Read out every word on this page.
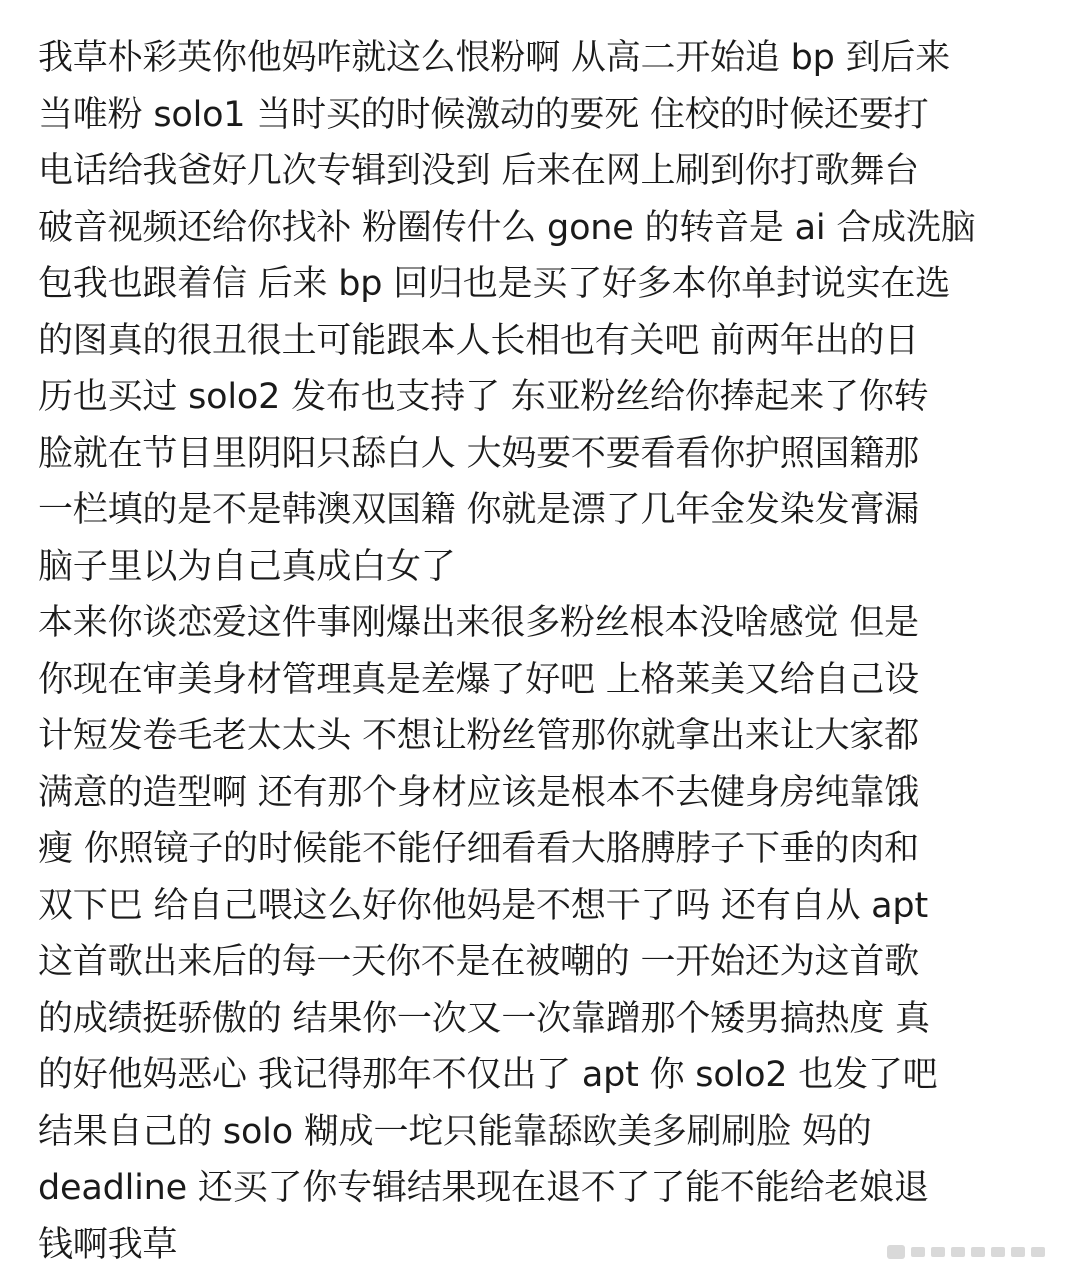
我草朴彩英你他妈咋就这么恨粉啊 从高二开始追 bp 到后来
当唯粉 solo1 当时买的时候激动的要死 住校的时候还要打
电话给我爸好几次专辑到没到 后来在网上刷到你打歌舞台
破音视频还给你找补 粉圈传什么 gone 的转音是 ai 合成洗脑
包我也跟着信 后来 bp 回归也是买了好多本你单封说实在选
的图真的很丑很土可能跟本人长相也有关吧 前两年出的日
历也买过 solo2 发布也支持了 东亚粉丝给你捧起来了你转
脸就在节目里阴阳只舔白人 大妈要不要看看你护照国籍那
一栏填的是不是韩澳双国籍 你就是漂了几年金发染发膏漏
脑子里以为自己真成白女了
本来你谈恋爱这件事刚爆出来很多粉丝根本没啥感觉 但是
你现在审美身材管理真是差爆了好吧 上格莱美又给自己设
计短发卷毛老太太头 不想让粉丝管那你就拿出来让大家都
满意的造型啊 还有那个身材应该是根本不去健身房纯靠饿
瘦 你照镜子的时候能不能仔细看看大胳膊脖子下垂的肉和
双下巴 给自己喂这么好你他妈是不想干了吗 还有自从 apt
这首歌出来后的每一天你不是在被嘲的 一开始还为这首歌
的成绩挺骄傲的 结果你一次又一次靠蹭那个矮男搞热度 真
的好他妈恶心 我记得那年不仅出了 apt 你 solo2 也发了吧
结果自己的 solo 糊成一坨只能靠舔欧美多刷刷脸 妈的
deadline 还买了你专辑结果现在退不了了能不能给老娘退
钱啊我草
